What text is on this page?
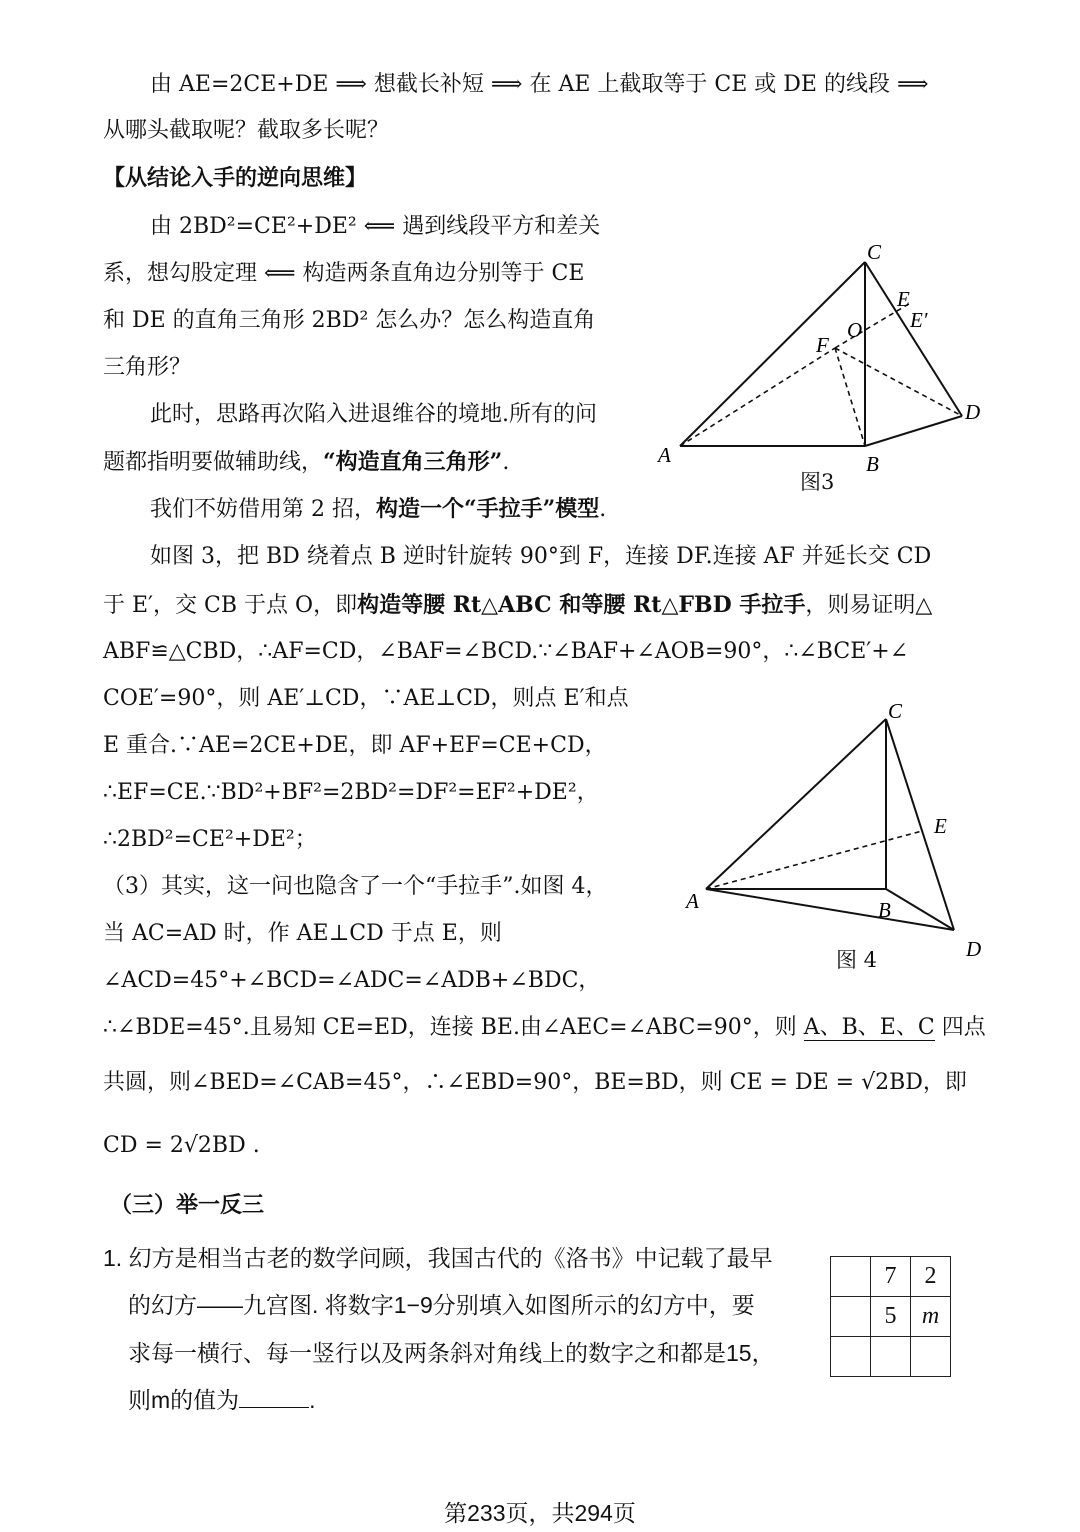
由 AE=2CE+DE ⟹ 想截长补短 ⟹ 在 AE 上截取等于 CE 或 DE 的线段 ⟹
从哪头截取呢？截取多长呢？
【从结论入手的逆向思维】
由 2BD²=CE²+DE² ⟸ 遇到线段平方和差关
系，想勾股定理 ⟸ 构造两条直角边分别等于 CE
和 DE 的直角三角形 2BD² 怎么办？怎么构造直角
三角形？
此时，思路再次陷入进退维谷的境地.所有的问
题都指明要做辅助线，“构造直角三角形”.
我们不妨借用第 2 招，构造一个“手拉手”模型.
如图 3，把 BD 绕着点 B 逆时针旋转 90°到 F，连接 DF.连接 AF 并延长交 CD
于 E′，交 CB 于点 O，即构造等腰 Rt△ABC 和等腰 Rt△FBD 手拉手，则易证明△
ABF≌△CBD，∴AF=CD，∠BAF=∠BCD.∵∠BAF+∠AOB=90°，∴∠BCE′+∠
COE′=90°，则 AE′⊥CD，∵AE⊥CD，则点 E′和点
E 重合.∵AE=2CE+DE，即 AF+EF=CE+CD，
∴EF=CE.∵BD²+BF²=2BD²=DF²=EF²+DE²，
∴2BD²=CE²+DE²；
（3）其实，这一问也隐含了一个“手拉手”.如图 4，
当 AC=AD 时，作 AE⊥CD 于点 E，则
∠ACD=45°+∠BCD=∠ADC=∠ADB+∠BDC，
∴∠BDE=45°.且易知 CE=ED，连接 BE.由∠AEC=∠ABC=90°，则 A、B、E、C 四点
共圆，则∠BED=∠CAB=45°，∴∠EBD=90°，BE=BD，则 CE = DE = √2BD，即
CD = 2√2BD .
（三）举一反三
1. 幻方是相当古老的数学问顾，我国古代的《洛书》中记载了最早
的幻方——九宫图. 将数字1−9分别填入如图所示的幻方中，要
求每一横行、每一竖行以及两条斜对角线上的数字之和都是15，
则m的值为	.
	7	2
	5	m

A	B
C
D
E
E′
O
F
图3
A	B
C
D
E
图 4
第233页，共294页
